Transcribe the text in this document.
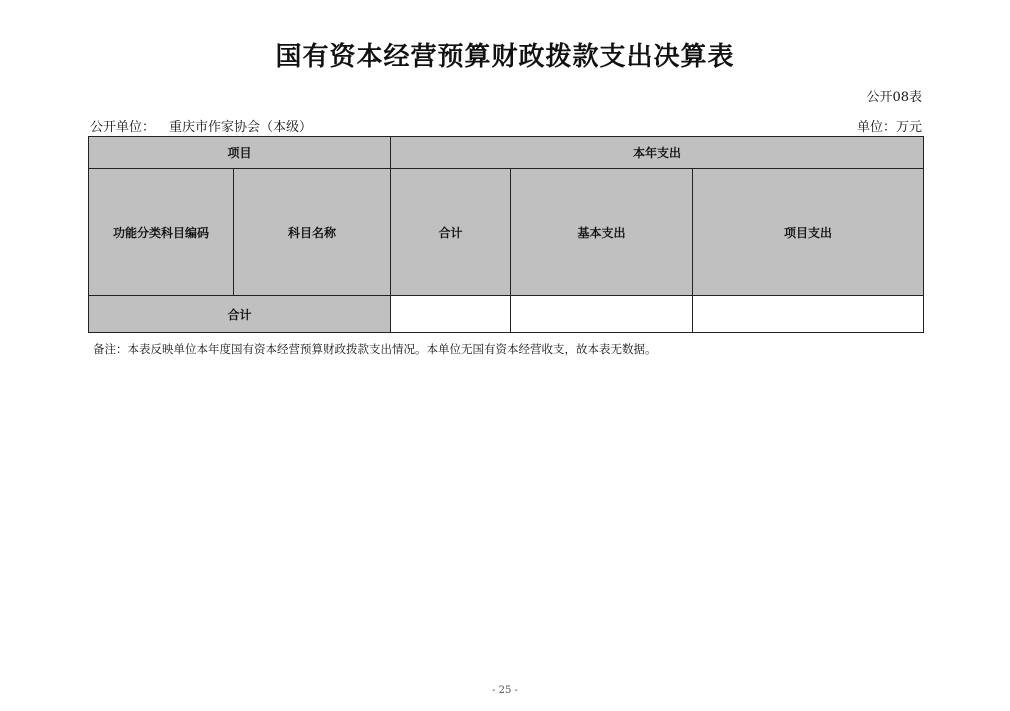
国有资本经营预算财政拨款支出决算表
公开08表
公开单位： 重庆市作家协会（本级）	单位：万元
项目		本年支出		
功能分类科目编码	科目名称	合计	基本支出	项目支出
合计				
备注：本表反映单位本年度国有资本经营预算财政拨款支出情况。本单位无国有资本经营收支，故本表无数据。
- 25 -
